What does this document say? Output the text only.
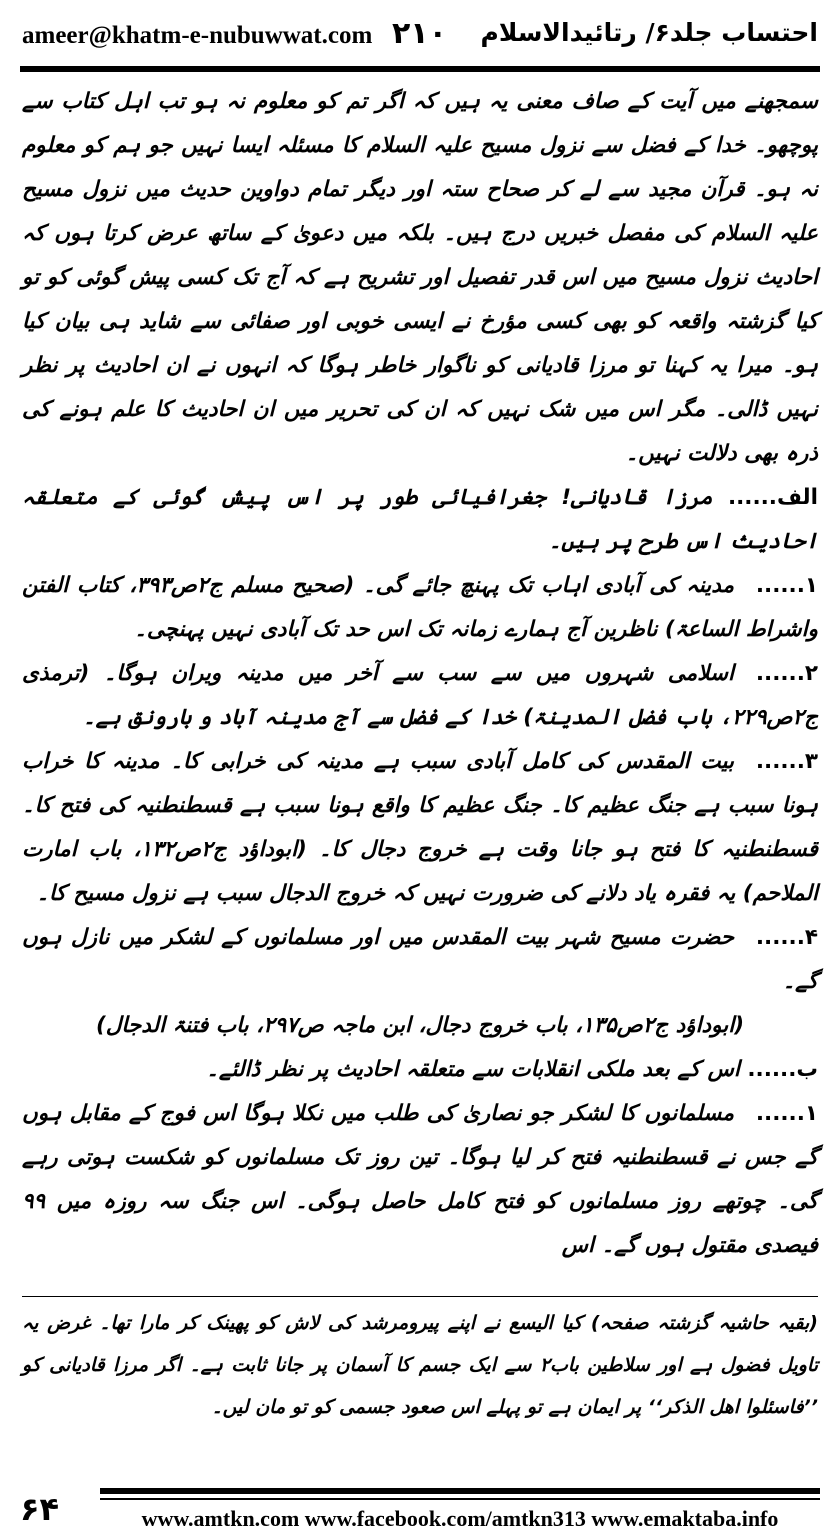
ameer@khatm-e-nubuwwat.com ۲۱۰ احتساب جلد۶/ رتائیدالاسلام

سمجھنے میں آیت کے صاف معنی یہ ہیں کہ اگر تم کو معلوم نہ ہو تب اہل کتاب سے پوچھو۔ خدا کے فضل سے نزول مسیح علیہ السلام کا مسئلہ ایسا نہیں جو ہم کو معلوم نہ ہو۔ قرآن مجید سے لے کر صحاح ستہ اور دیگر تمام دواوین حدیث میں نزول مسیح علیہ السلام کی مفصل خبریں درج ہیں۔ بلکہ میں دعویٰ کے ساتھ عرض کرتا ہوں کہ احادیث نزول مسیح میں اس قدر تفصیل اور تشریح ہے کہ آج تک کسی پیش گوئی کو تو کیا گزشتہ واقعہ کو بھی کسی مؤرخ نے ایسی خوبی اور صفائی سے شاید ہی بیان کیا ہو۔ میرا یہ کہنا تو مرزا قادیانی کو ناگوار خاطر ہوگا کہ انہوں نے ان احادیث پر نظر نہیں ڈالی۔ مگر اس میں شک نہیں کہ ان کی تحریر میں ان احادیث کا علم ہونے کی ذرہ بھی دلالت نہیں۔

الف...... مرزا قادیانی! جغرافیائی طور پر اس پیش گوئی کے متعلقہ احادیث اس طرح پر ہیں۔

۱......مدینہ کی آبادی اہاب تک پہنچ جائے گی۔ (صحیح مسلم ج۲ص۳۹۳، کتاب الفتن واشراط الساعۃ) ناظرین آج ہمارے زمانہ تک اس حد تک آبادی نہیں پہنچی۔

۲......اسلامی شہروں میں سے سب سے آخر میں مدینہ ویران ہوگا۔ (ترمذی ج۲ص۲۲۹، باب فضل المدینۃ) خدا کے فضل سے آج مدینہ آباد و بارونق ہے۔

۳......بیت المقدس کی کامل آبادی سبب ہے مدینہ کی خرابی کا۔ مدینہ کا خراب ہونا سبب ہے جنگ عظیم کا۔ جنگ عظیم کا واقع ہونا سبب ہے قسطنطنیہ کی فتح کا۔ قسطنطنیہ کا فتح ہو جانا وقت ہے خروج دجال کا۔ (ابوداؤد ج۲ص۱۳۲، باب امارت الملاحم) یہ فقرہ یاد دلانے کی ضرورت نہیں کہ خروج الدجال سبب ہے نزول مسیح کا۔

۴......حضرت مسیح شہر بیت المقدس میں اور مسلمانوں کے لشکر میں نازل ہوں گے۔

(ابوداؤد ج۲ص۱۳۵، باب خروج دجال، ابن ماجہ ص۲۹۷، باب فتنۃ الدجال)

ب...... اس کے بعد ملکی انقلابات سے متعلقہ احادیث پر نظر ڈالئے۔

۱......مسلمانوں کا لشکر جو نصاریٰ کی طلب میں نکلا ہوگا اس فوج کے مقابل ہوں گے جس نے قسطنطنیہ فتح کر لیا ہوگا۔ تین روز تک مسلمانوں کو شکست ہوتی رہے گی۔ چوتھے روز مسلمانوں کو فتح کامل حاصل ہوگی۔ اس جنگ سہ روزہ میں ۹۹ فیصدی مقتول ہوں گے۔ اس

(بقیہ حاشیہ گزشتہ صفحہ) کیا الیسع نے اپنے پیرومرشد کی لاش کو پھینک کر مارا تھا۔ غرض یہ تاویل فضول ہے اور سلاطین باب۲ سے ایک جسم کا آسمان پر جانا ثابت ہے۔ اگر مرزا قادیانی کو ’’فاسئلوا اھل الذکر‘‘ پر ایمان ہے تو پہلے اس صعود جسمی کو تو مان لیں۔
۶۴	www.amtkn.com www.facebook.com/amtkn313 www.emaktaba.info
